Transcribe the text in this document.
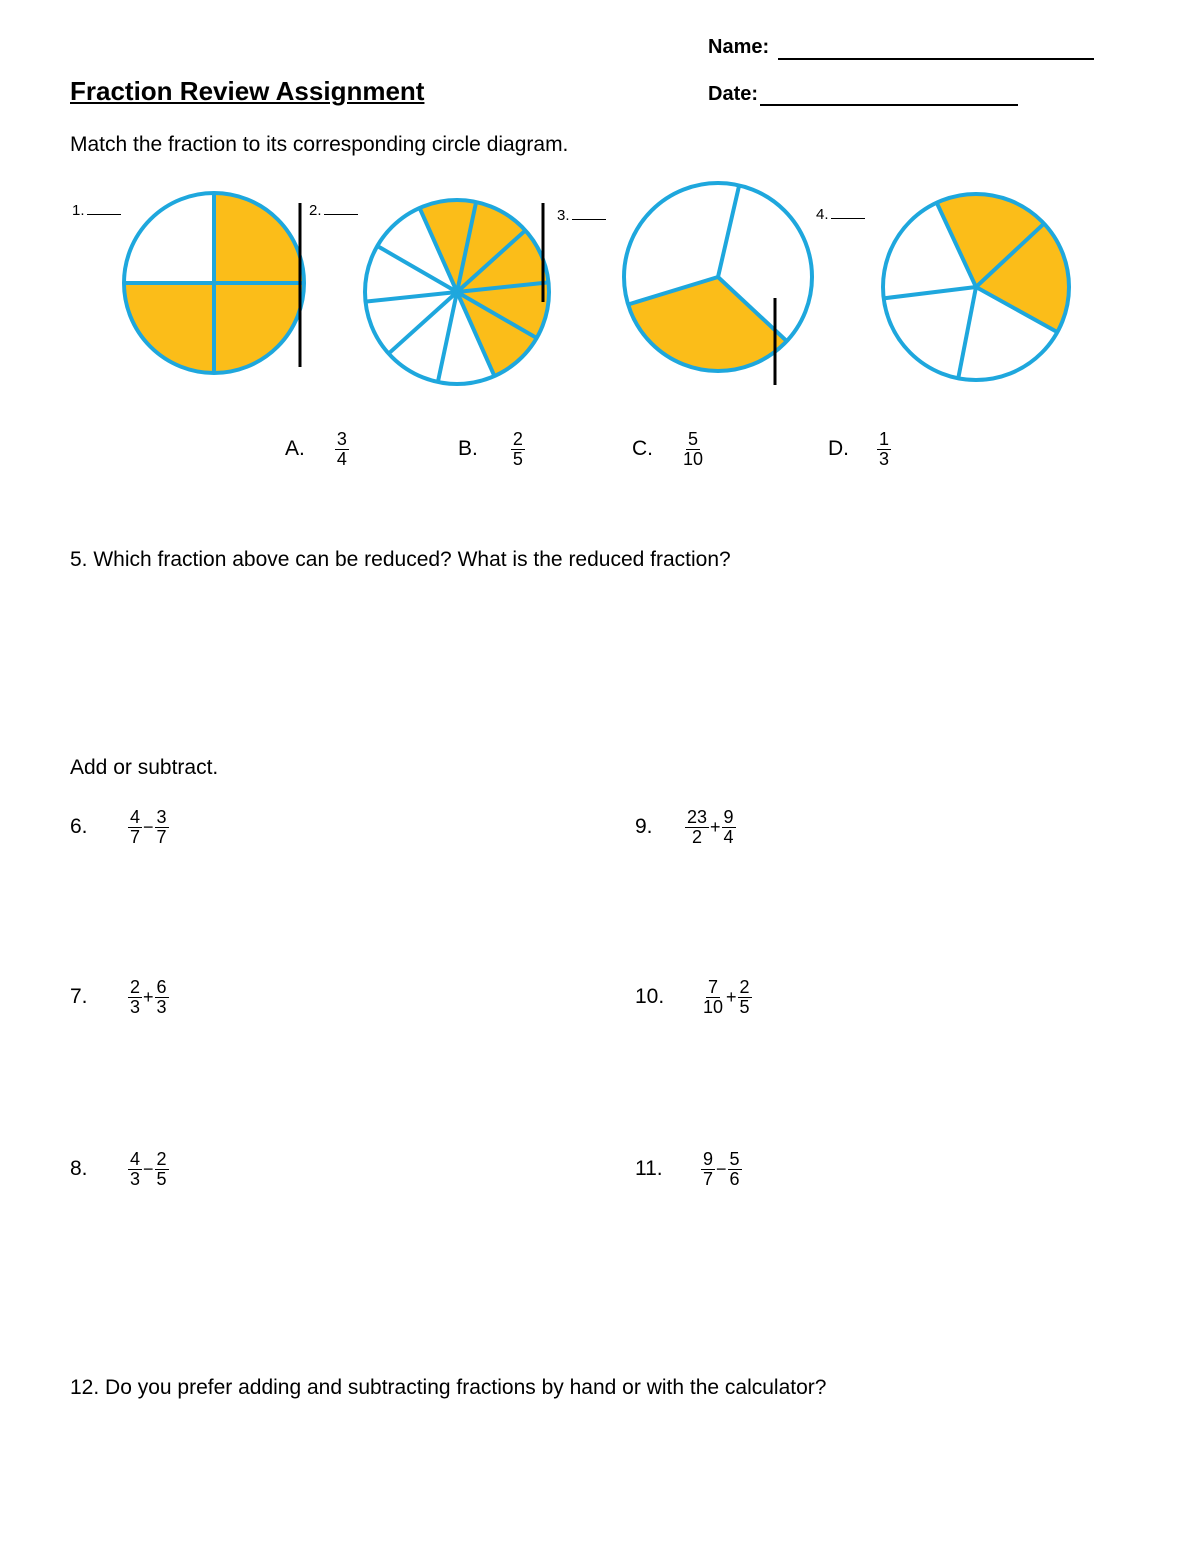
Name:
Fraction Review Assignment	Date:
Match the fraction to its corresponding circle diagram.
1.	2.	3.	4.
A. $\frac{3}{4}$	B. $\frac{2}{5}$	C. $\frac{5}{10}$	D. $\frac{1}{3}$
5. Which fraction above can be reduced? What is the reduced fraction?
Add or subtract.
6.	$\frac{4}{7} - \frac{3}{7}$
7.	$\frac{2}{3} + \frac{6}{3}$
8.	$\frac{4}{3} - \frac{2}{5}$
9.	$\frac{23}{2} + \frac{9}{4}$
10.	$\frac{7}{10} + \frac{2}{5}$
11.	$\frac{9}{7} - \frac{5}{6}$
12. Do you prefer adding and subtracting fractions by hand or with the calculator?
